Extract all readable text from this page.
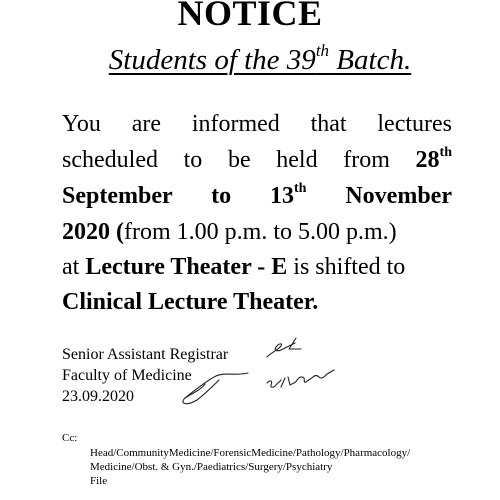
NOTICE
Students of the 39th Batch.
You are informed that lectures
scheduled to be held from 28th
September to 13th November
2020 (from 1.00 p.m. to 5.00 p.m.)
at Lecture Theater - E is shifted to
Clinical Lecture Theater.
Senior Assistant Registrar
Faculty of Medicine
23.09.2020
Cc:
Head/CommunityMedicine/ForensicMedicine/Pathology/Pharmacology/
Medicine/Obst. & Gyn./Paediatrics/Surgery/Psychiatry
File
